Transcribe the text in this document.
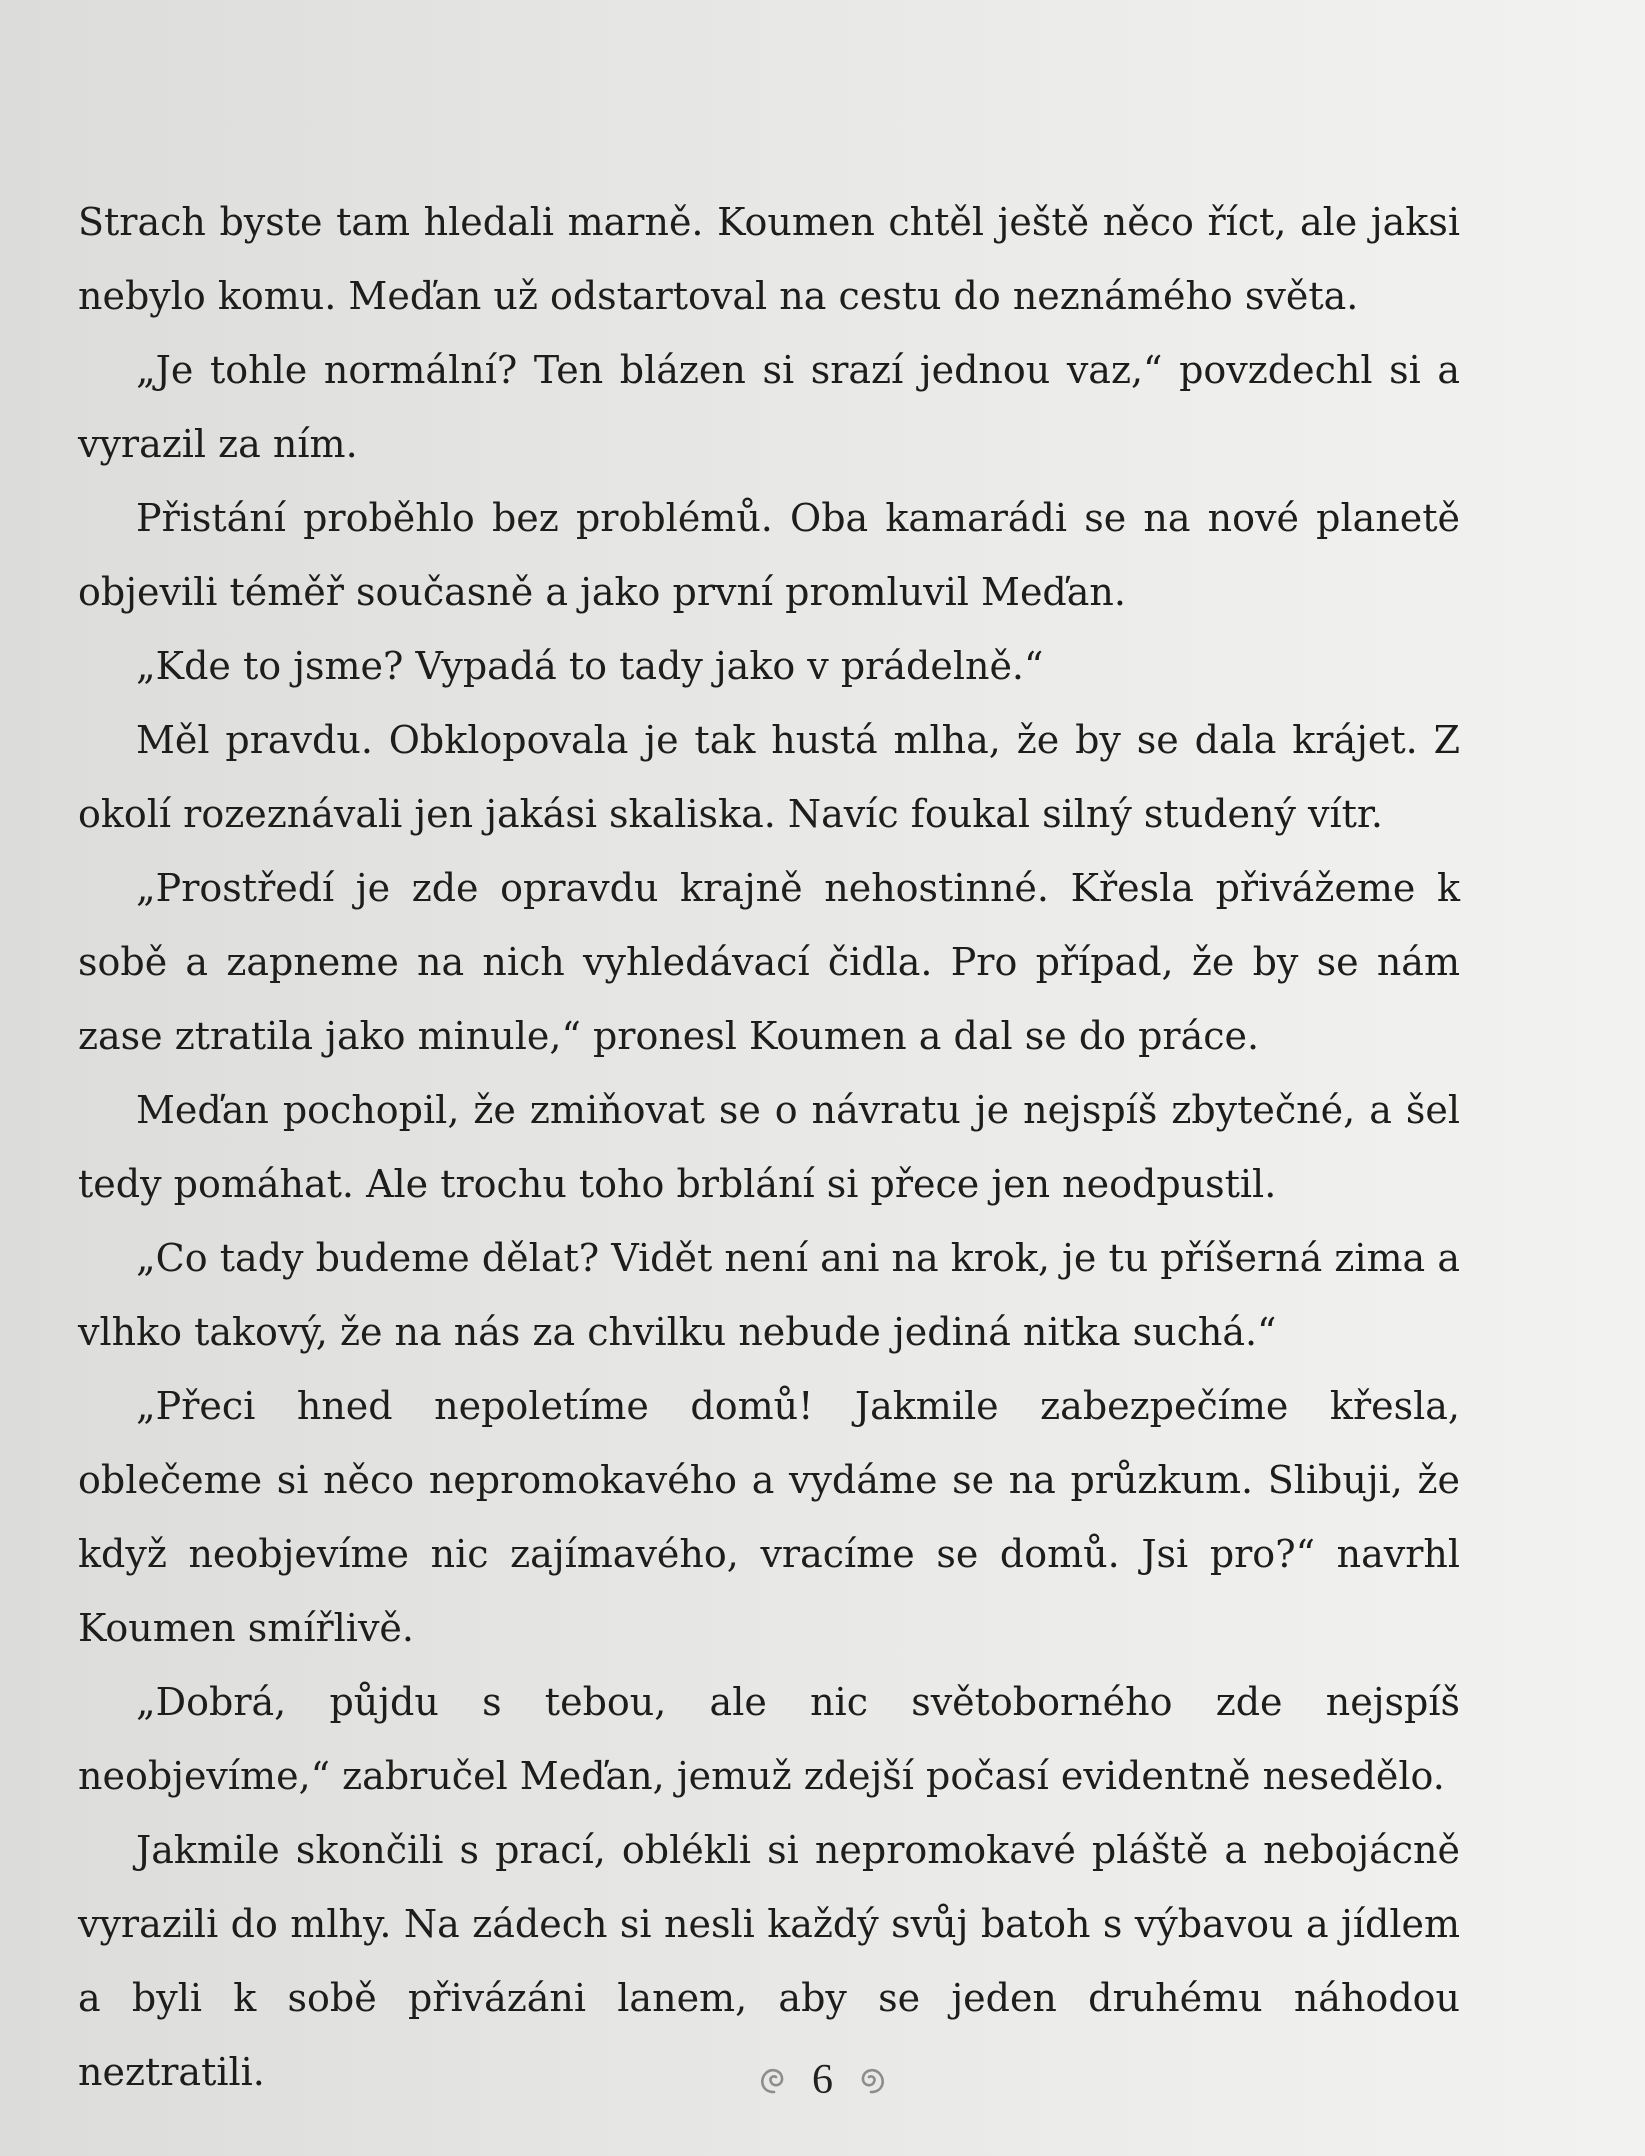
Strach byste tam hledali marně. Koumen chtěl ještě něco říct, ale jaksi nebylo komu. Meďan už odstartoval na cestu do neznámého světa.

„Je tohle normální? Ten blázen si srazí jednou vaz,“ povzdechl si a vyrazil za ním.

Přistání proběhlo bez problémů. Oba kamarádi se na nové planetě objevili téměř současně a jako první promluvil Meďan.

„Kde to jsme? Vypadá to tady jako v prádelně.“

Měl pravdu. Obklopovala je tak hustá mlha, že by se dala krájet. Z okolí rozeznávali jen jakási skaliska. Navíc foukal silný studený vítr.

„Prostředí je zde opravdu krajně nehostinné. Křesla přivážeme k sobě a zapneme na nich vyhledávací čidla. Pro případ, že by se nám zase ztratila jako minule,“ pronesl Koumen a dal se do práce.

Meďan pochopil, že zmiňovat se o návratu je nejspíš zbytečné, a šel tedy pomáhat. Ale trochu toho brblání si přece jen neodpustil.

„Co tady budeme dělat? Vidět není ani na krok, je tu příšerná zima a vlhko takový, že na nás za chvilku nebude jediná nitka suchá.“

„Přeci hned nepoletíme domů! Jakmile zabezpečíme křesla, oblečeme si něco nepromokavého a vydáme se na průzkum. Slibuji, že když neobjevíme nic zajímavého, vracíme se domů. Jsi pro?“ navrhl Koumen smířlivě.

„Dobrá, půjdu s tebou, ale nic světoborného zde nejspíš neobjevíme,“ zabručel Meďan, jemuž zdejší počasí evidentně nesedělo.

Jakmile skončili s prací, oblékli si nepromokavé pláště a nebojácně vyrazili do mlhy. Na zádech si nesli každý svůj batoh s výbavou a jídlem a byli k sobě přivázáni lanem, aby se jeden druhému náhodou neztratili.	6
